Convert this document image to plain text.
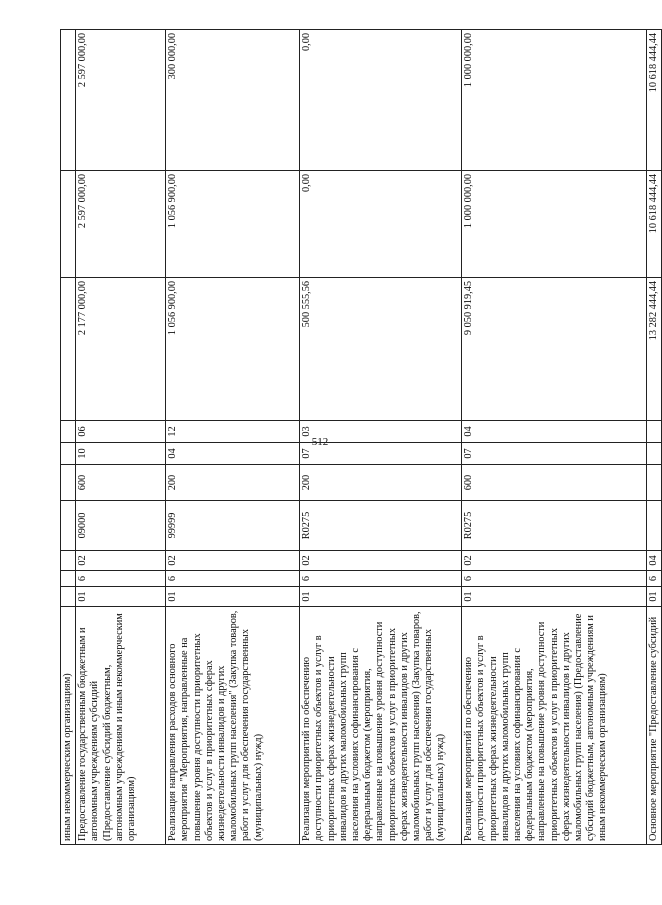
512
иным некоммерческим организациям)										
Предоставление государственным бюджетным и автономным учреждениям субсидий (Предоставление субсидий бюджетным, автономным учреждениям и иным некоммерческим организациям)	01	6	02	09000	600	10	06	2 177 000,00	2 597 000,00	2 597 000,00
Реализация направления расходов основного мероприятия "Мероприятия, направленные на повышение уровня доступности приоритетных объектов и услуг в приоритетных сферах жизнедеятельности инвалидов и других маломобильных групп населения" (Закупка товаров, работ и услуг для обеспечения государственных (муниципальных) нужд)	01	6	02	99999	200	04	12	1 056 900,00	1 056 900,00	300 000,00
Реализация мероприятий по обеспечению доступности приоритетных объектов и услуг в приоритетных сферах жизнедеятельности инвалидов и других маломобильных групп населения на условиях софинансирования с федеральным бюджетом (мероприятия, направленные на повышение уровня доступности приоритетных объектов и услуг в приоритетных сферах жизнедеятельности инвалидов и других маломобильных групп населения) (Закупка товаров, работ и услуг для обеспечения государственных (муниципальных) нужд)	01	6	02	R0275	200	07	03	500 555,56	0,00	0,00
Реализация мероприятий по обеспечению доступности приоритетных объектов и услуг в приоритетных сферах жизнедеятельности инвалидов и других маломобильных групп населения на условиях софинансирования с федеральным бюджетом (мероприятия, направленные на повышение уровня доступности приоритетных объектов и услуг в приоритетных сферах жизнедеятельности инвалидов и других маломобильных групп населения) (Предоставление субсидий бюджетным, автономным учреждениям и иным некоммерческим организациям)	01	6	02	R0275	600	07	04	9 050 919,45	1 000 000,00	1 000 000,00
Основное мероприятие "Предоставление субсидий	01	6	04					13 282 444,44	10 618 444,44	10 618 444,44
